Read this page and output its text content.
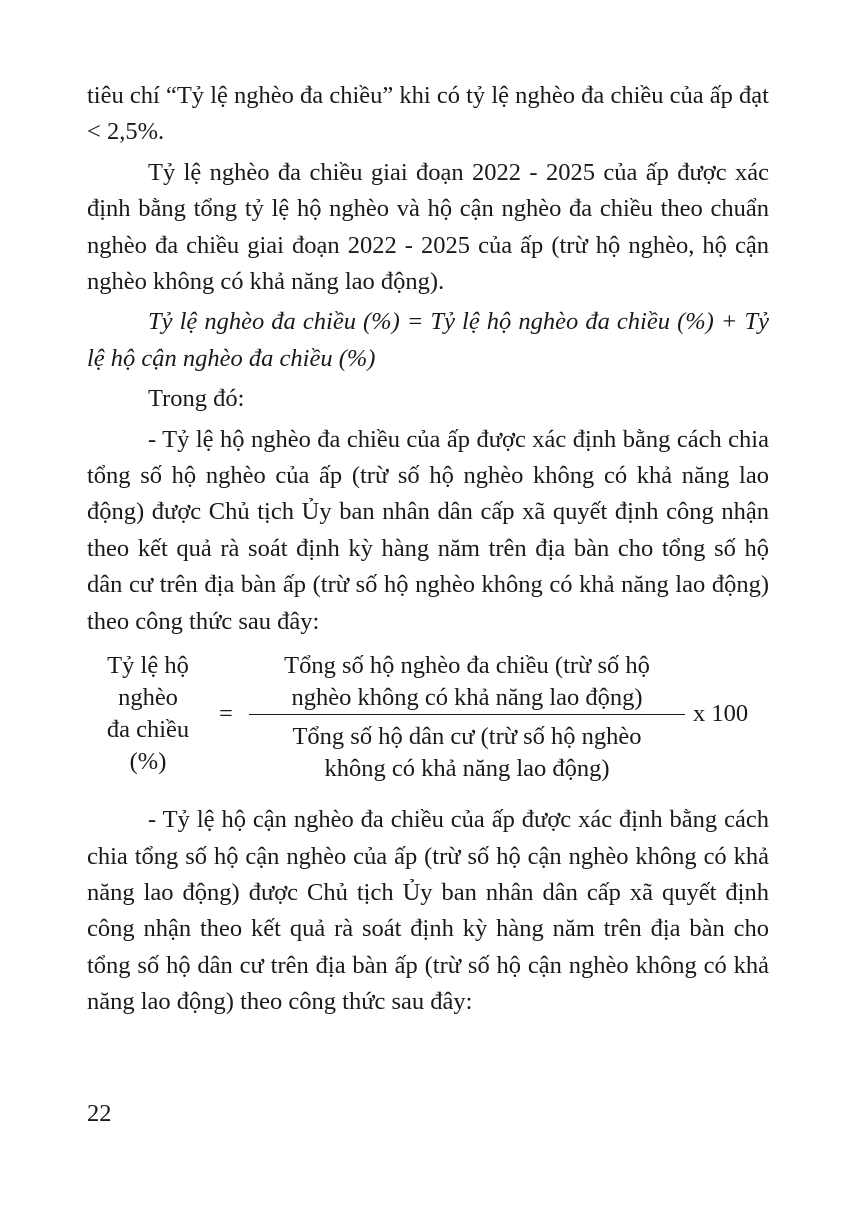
tiêu chí “Tỷ lệ nghèo đa chiều” khi có tỷ lệ nghèo đa chiều của ấp đạt < 2,5%.

Tỷ lệ nghèo đa chiều giai đoạn 2022 - 2025 của ấp được xác định bằng tổng tỷ lệ hộ nghèo và hộ cận nghèo đa chiều theo chuẩn nghèo đa chiều giai đoạn 2022 - 2025 của ấp (trừ hộ nghèo, hộ cận nghèo không có khả năng lao động).

Tỷ lệ nghèo đa chiều (%) = Tỷ lệ hộ nghèo đa chiều (%) + Tỷ lệ hộ cận nghèo đa chiều (%)

Trong đó:

- Tỷ lệ hộ nghèo đa chiều của ấp được xác định bằng cách chia tổng số hộ nghèo của ấp (trừ số hộ nghèo không có khả năng lao động) được Chủ tịch Ủy ban nhân dân cấp xã quyết định công nhận theo kết quả rà soát định kỳ hàng năm trên địa bàn cho tổng số hộ dân cư trên địa bàn ấp (trừ số hộ nghèo không có khả năng lao động) theo công thức sau đây:

Tỷ lệ hộ
nghèo
đa chiều
(%)
=
Tổng số hộ nghèo đa chiều (trừ số hộ
nghèo không có khả năng lao động)
Tổng số hộ dân cư (trừ số hộ nghèo
không có khả năng lao động)
x 100

- Tỷ lệ hộ cận nghèo đa chiều của ấp được xác định bằng cách chia tổng số hộ cận nghèo của ấp (trừ số hộ cận nghèo không có khả năng lao động) được Chủ tịch Ủy ban nhân dân cấp xã quyết định công nhận theo kết quả rà soát định kỳ hàng năm trên địa bàn cho tổng số hộ dân cư trên địa bàn ấp (trừ số hộ cận nghèo không có khả năng lao động) theo công thức sau đây:

22
